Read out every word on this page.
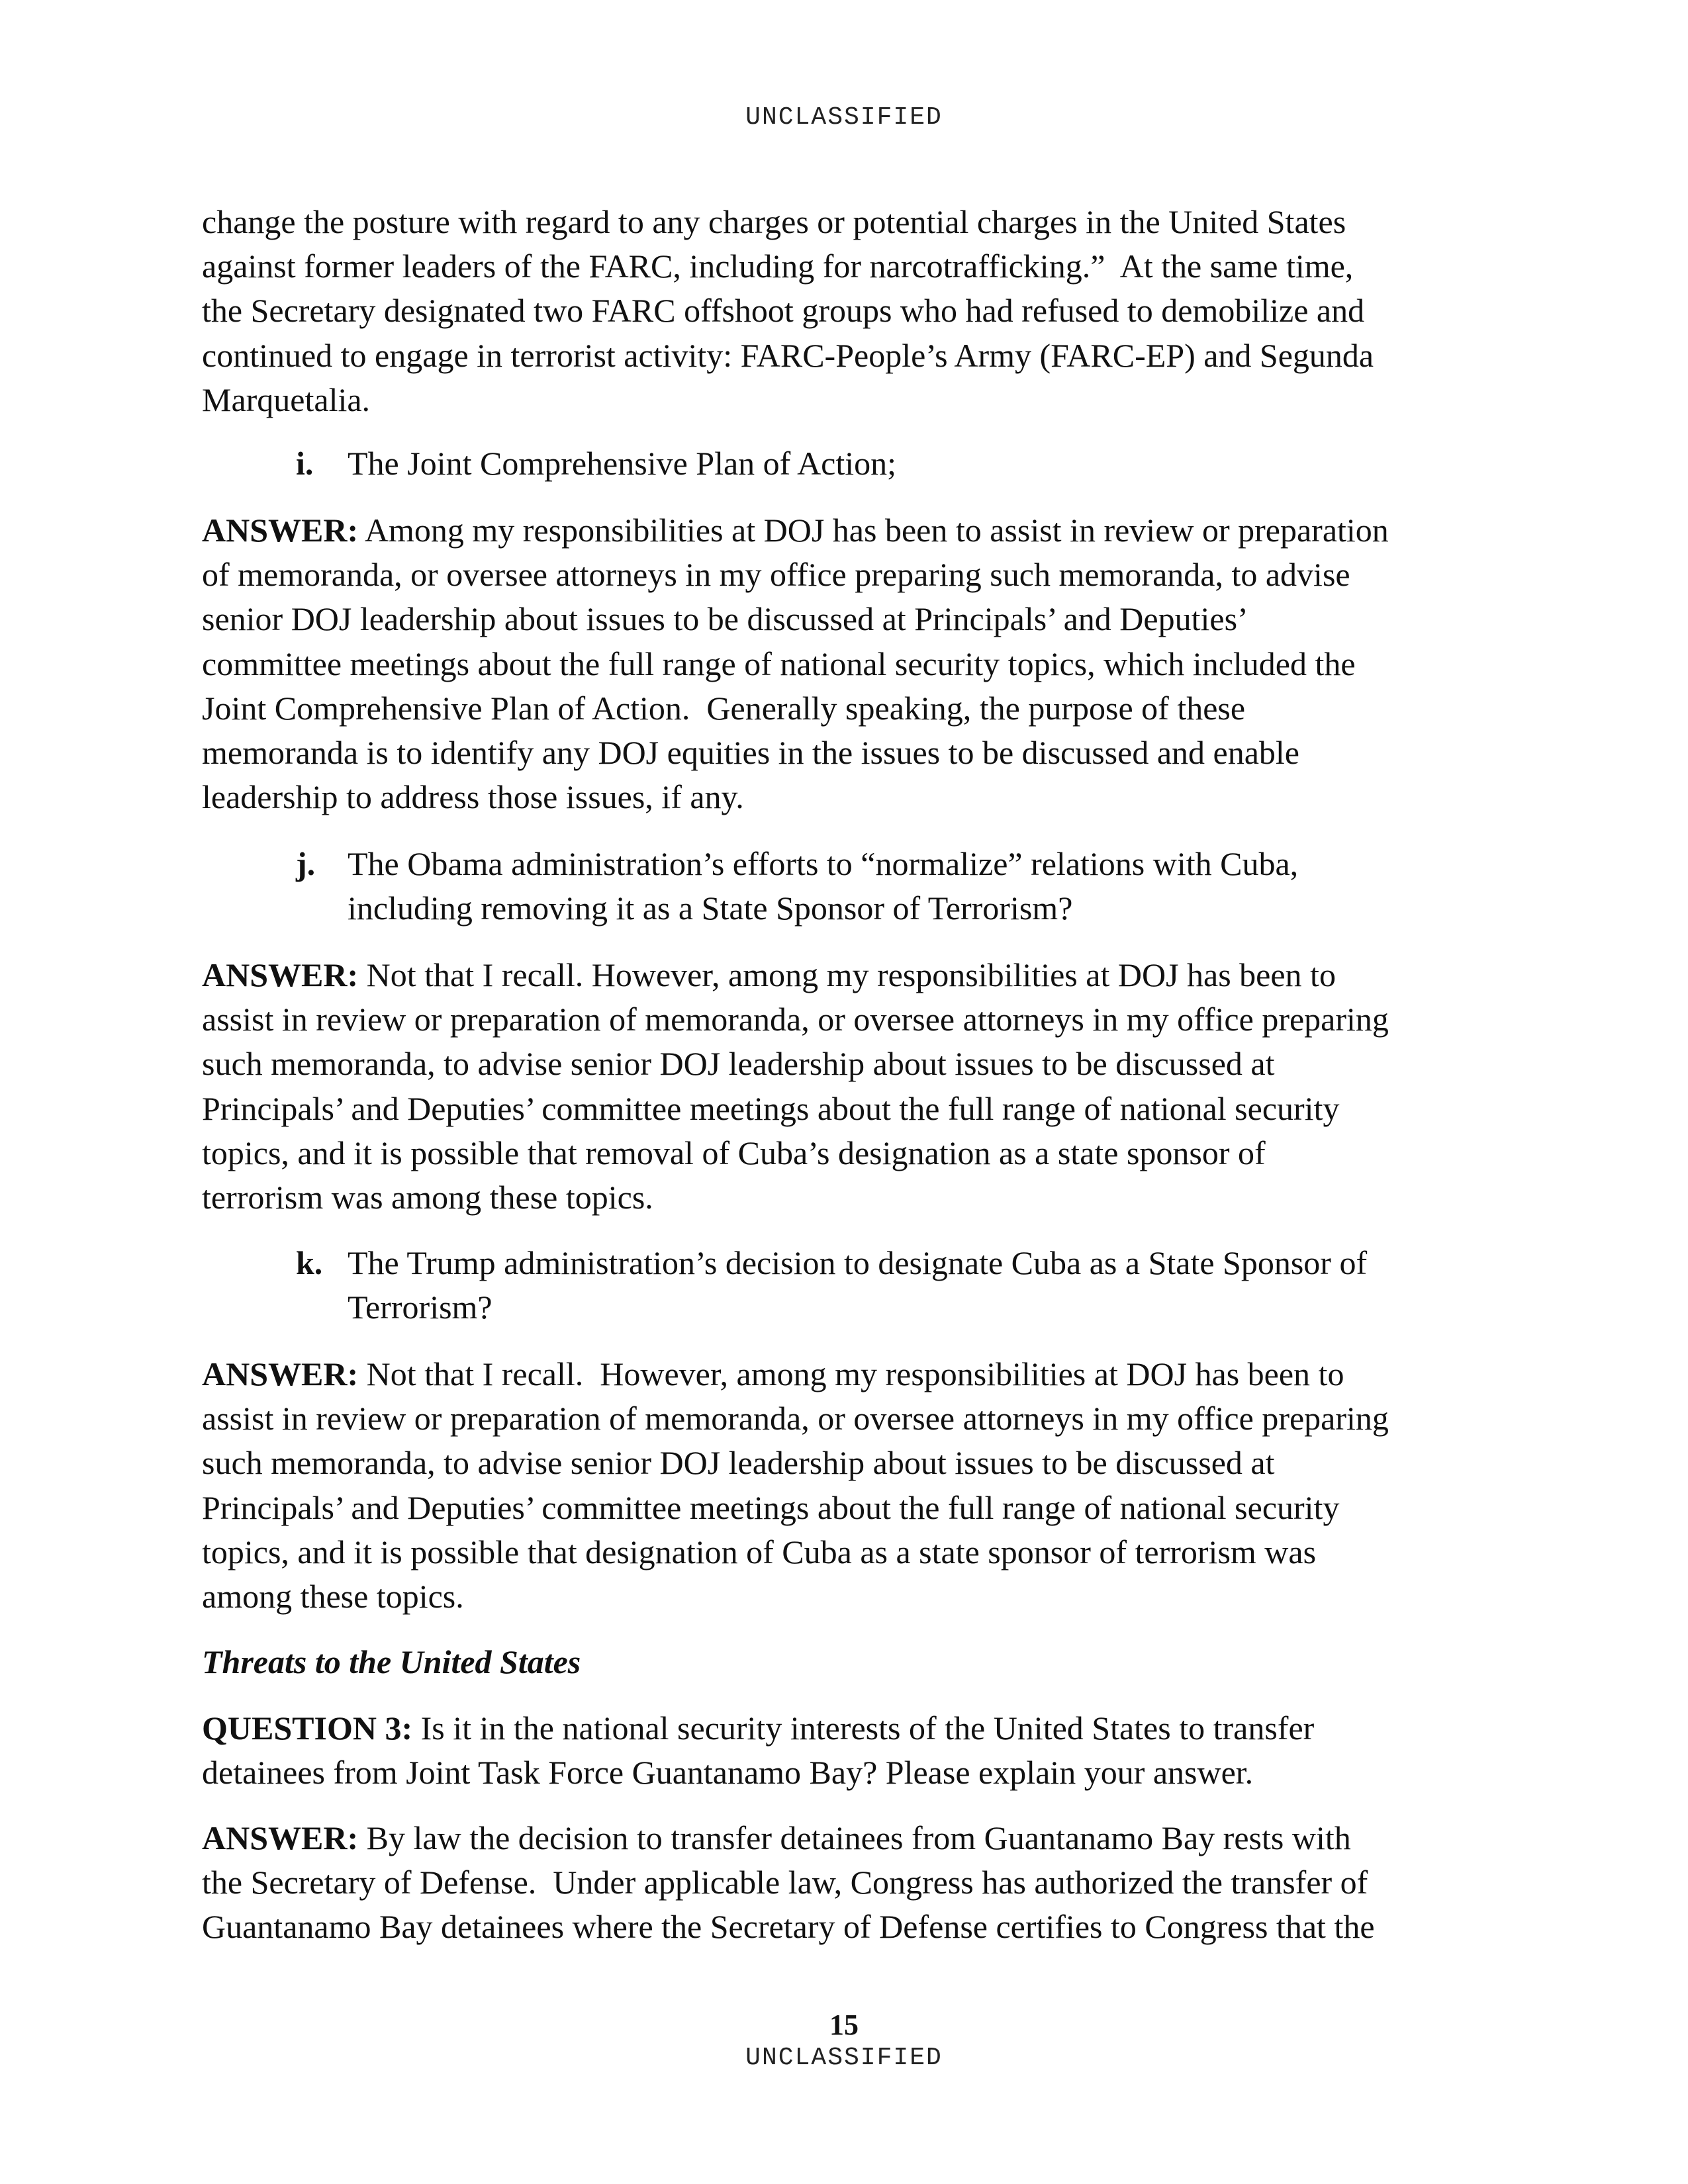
UNCLASSIFIED
change the posture with regard to any charges or potential charges in the United States
against former leaders of the FARC, including for narcotrafficking.”  At the same time,
the Secretary designated two FARC offshoot groups who had refused to demobilize and
continued to engage in terrorist activity: FARC-People’s Army (FARC-EP) and Segunda
Marquetalia.
i. The Joint Comprehensive Plan of Action;
ANSWER: Among my responsibilities at DOJ has been to assist in review or preparation
of memoranda, or oversee attorneys in my office preparing such memoranda, to advise
senior DOJ leadership about issues to be discussed at Principals’ and Deputies’
committee meetings about the full range of national security topics, which included the
Joint Comprehensive Plan of Action.  Generally speaking, the purpose of these
memoranda is to identify any DOJ equities in the issues to be discussed and enable
leadership to address those issues, if any.
j. The Obama administration’s efforts to “normalize” relations with Cuba,
including removing it as a State Sponsor of Terrorism?
ANSWER: Not that I recall. However, among my responsibilities at DOJ has been to
assist in review or preparation of memoranda, or oversee attorneys in my office preparing
such memoranda, to advise senior DOJ leadership about issues to be discussed at
Principals’ and Deputies’ committee meetings about the full range of national security
topics, and it is possible that removal of Cuba’s designation as a state sponsor of
terrorism was among these topics.
k. The Trump administration’s decision to designate Cuba as a State Sponsor of
Terrorism?
ANSWER: Not that I recall.  However, among my responsibilities at DOJ has been to
assist in review or preparation of memoranda, or oversee attorneys in my office preparing
such memoranda, to advise senior DOJ leadership about issues to be discussed at
Principals’ and Deputies’ committee meetings about the full range of national security
topics, and it is possible that designation of Cuba as a state sponsor of terrorism was
among these topics.
Threats to the United States
QUESTION 3: Is it in the national security interests of the United States to transfer
detainees from Joint Task Force Guantanamo Bay? Please explain your answer.
ANSWER: By law the decision to transfer detainees from Guantanamo Bay rests with
the Secretary of Defense.  Under applicable law, Congress has authorized the transfer of
Guantanamo Bay detainees where the Secretary of Defense certifies to Congress that the
15
UNCLASSIFIED
